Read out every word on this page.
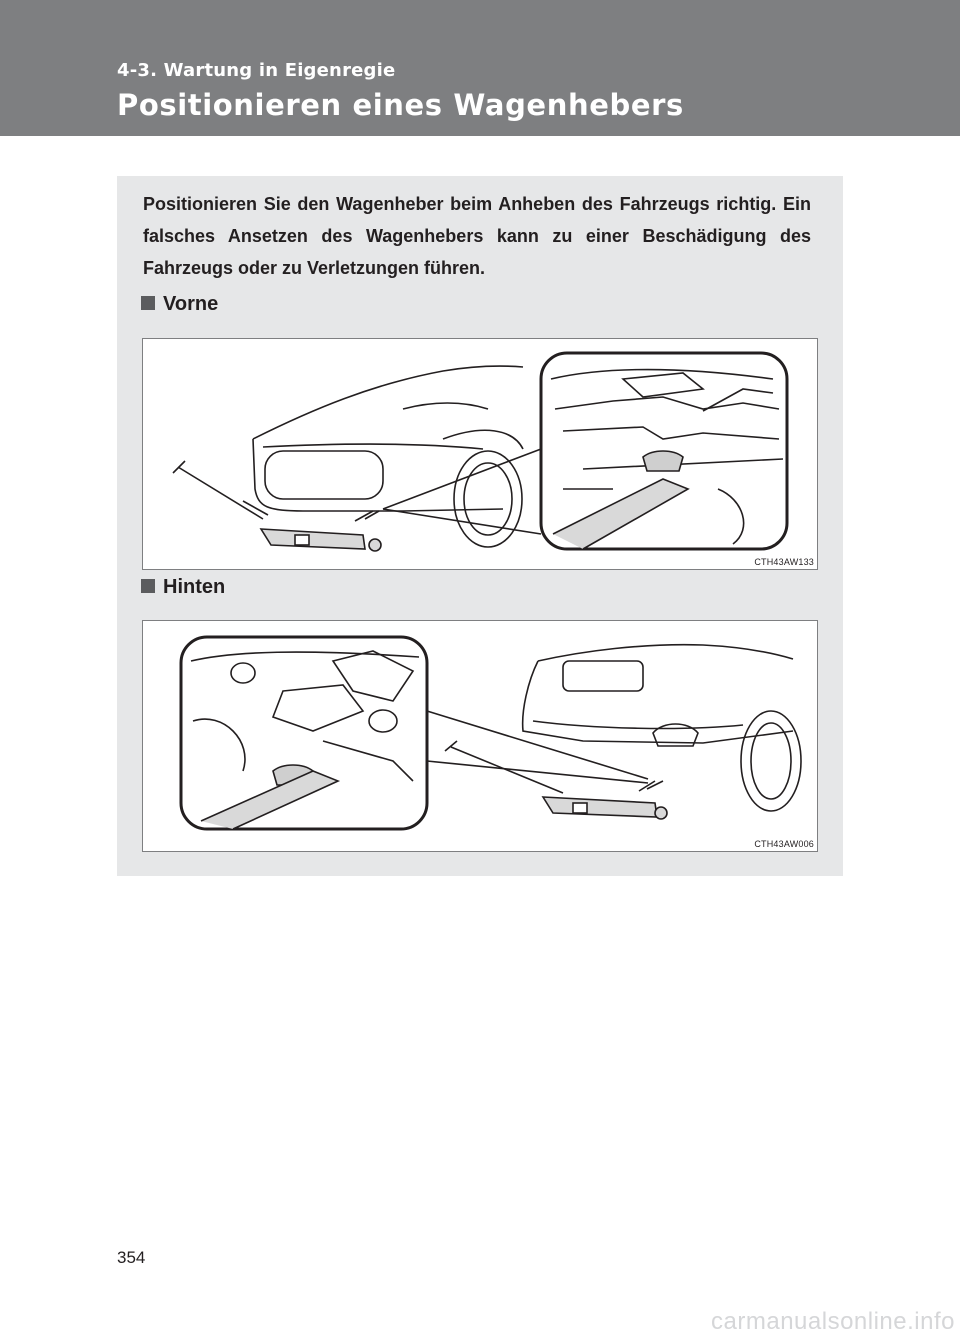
4-3. Wartung in Eigenregie
Positionieren eines Wagenhebers
Positionieren Sie den Wagenheber beim Anheben des Fahrzeugs richtig. Ein falsches Ansetzen des Wagenhebers kann zu einer Beschädigung des Fahrzeugs oder zu Verletzungen führen.
Vorne
CTH43AW133
Hinten
CTH43AW006
354
carmanualsonline.info
